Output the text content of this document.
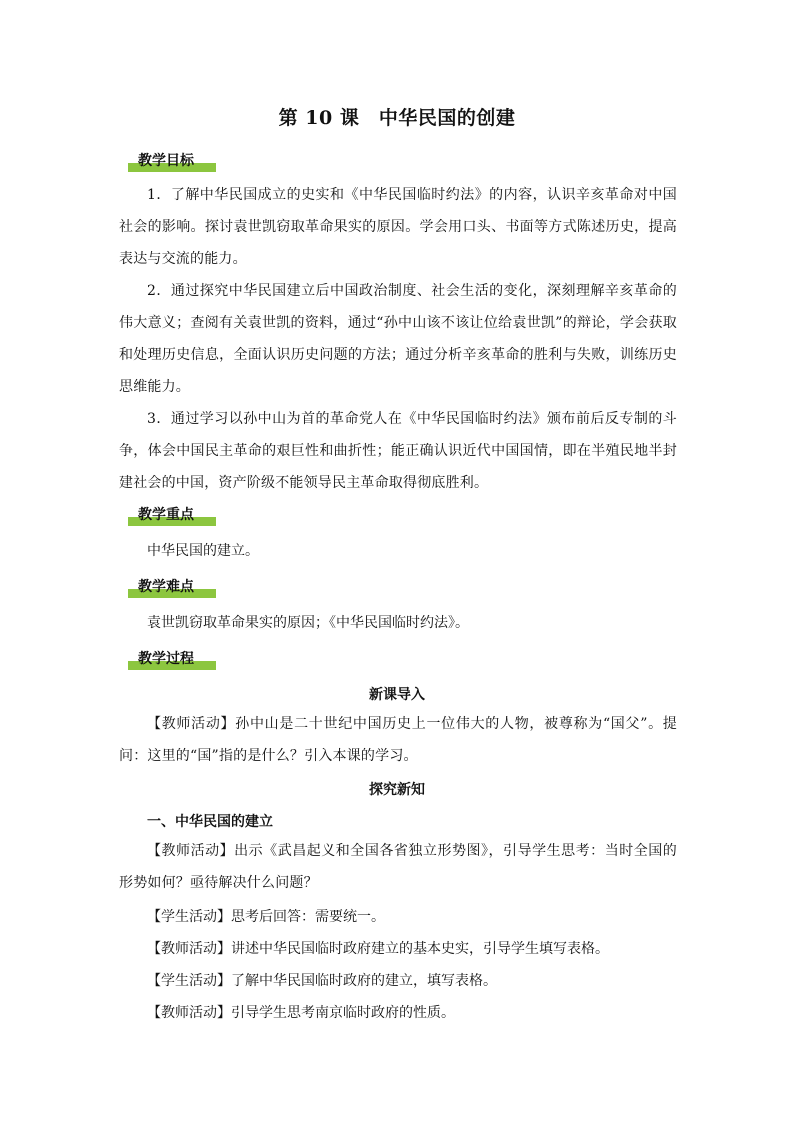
第 10 课　中华民国的创建
教学目标
1．了解中华民国成立的史实和《中华民国临时约法》的内容，认识辛亥革命对中国社会的影响。探讨袁世凯窃取革命果实的原因。学会用口头、书面等方式陈述历史，提高表达与交流的能力。
2．通过探究中华民国建立后中国政治制度、社会生活的变化，深刻理解辛亥革命的伟大意义；查阅有关袁世凯的资料，通过“孙中山该不该让位给袁世凯”的辩论，学会获取和处理历史信息，全面认识历史问题的方法；通过分析辛亥革命的胜利与失败，训练历史思维能力。
3．通过学习以孙中山为首的革命党人在《中华民国临时约法》颁布前后反专制的斗争，体会中国民主革命的艰巨性和曲折性；能正确认识近代中国国情，即在半殖民地半封建社会的中国，资产阶级不能领导民主革命取得彻底胜利。
教学重点
中华民国的建立。
教学难点
袁世凯窃取革命果实的原因；《中华民国临时约法》。
教学过程
新课导入
【教师活动】孙中山是二十世纪中国历史上一位伟大的人物，被尊称为“国父”。提问：这里的“国”指的是什么？引入本课的学习。
探究新知
一、中华民国的建立
【教师活动】出示《武昌起义和全国各省独立形势图》，引导学生思考：当时全国的形势如何？亟待解决什么问题？
【学生活动】思考后回答：需要统一。
【教师活动】讲述中华民国临时政府建立的基本史实，引导学生填写表格。
【学生活动】了解中华民国临时政府的建立，填写表格。
【教师活动】引导学生思考南京临时政府的性质。
